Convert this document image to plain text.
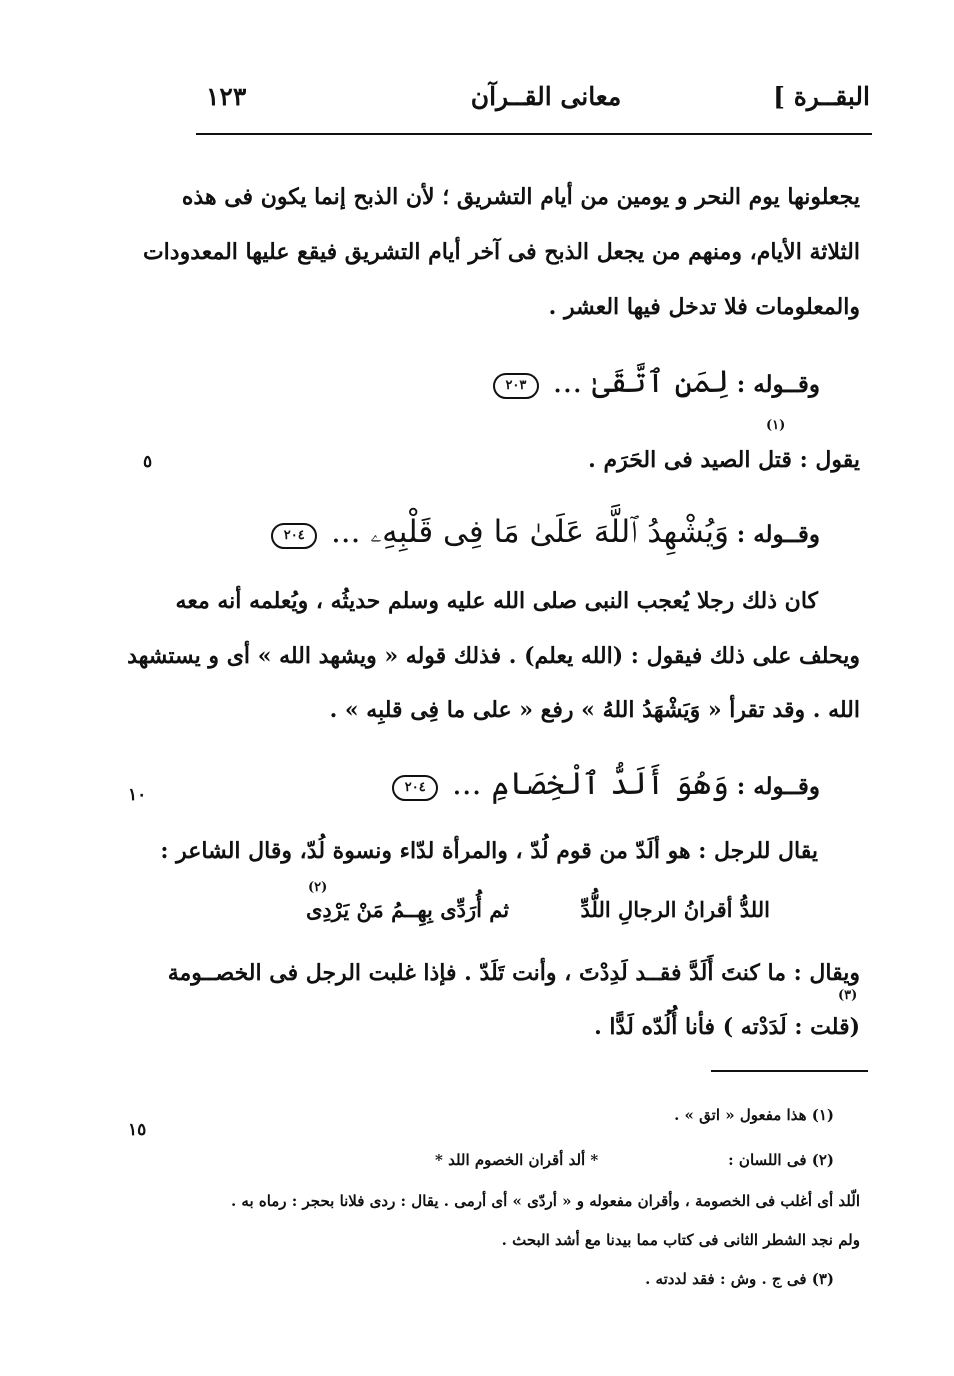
البقــرة ]
معانى القــرآن
١٢٣
٥
١٠
١٥
يجعلونها يوم النحر و يومين من أيام التشريق ؛ لأن الذبح إنما يكون فى هذه
الثلاثة الأيام، ومنهم من يجعل الذبح فى آخر أيام التشريق فيقع عليها المعدودات
والمعلومات فلا تدخل فيها العشر .
وقــوله : لِمَنِ ٱتَّقَىٰ ... ٢٠٣
(١)
يقول : قتل الصيد فى الحَرَم .
وقــوله : وَيُشْهِدُ ٱللَّهَ عَلَىٰ مَا فِى قَلْبِهِۦ ... ٢٠٤
كان ذلك رجلا يُعجب النبى صلى الله عليه وسلم حديثُه ، ويُعلمه أنه معه
ويحلف على ذلك فيقول : (الله يعلم) . فذلك قوله « ويشهد الله » أى و يستشهد
الله . وقد تقرأ « وَيَشْهَدُ اللهُ » رفع « على ما فِى قلبِه » .
وقــوله : وَهُوَ أَلَدُّ ٱلْخِصَامِ ... ٢٠٤
يقال للرجل : هو ألَدّ من قوم لُدّ ، والمرأة لدّاء ونسوة لُدّ، وقال الشاعر :
(٢)
اللدُّ أقرانُ الرجالِ اللُّدِّ
ثم أُرَدِّى بِهِــمُ مَنْ يَرْدِى
ويقال : ما كنتَ أَلَدَّ فقــد لَدِدْتَ ، وأنت تَلَدّ . فإذا غلبت الرجل فى الخصــومة
(٣)
(قلت : لَدَدْته ) فأنا أُلُدّه لَدًّا .
(١) هذا مفعول « اتق » .
(٢) فى اللسان :
* ألد أقران الخصوم اللد *
الّلد أى أغلب فى الخصومة ، وأقران مفعوله و « أردّى » أى أرمى . يقال : ردى فلانا بحجر : رماه به .
ولم نجد الشطر الثانى فى كتاب مما بيدنا مع أشد البحث .
(٣) فى ج . وش : فقد لددته .
